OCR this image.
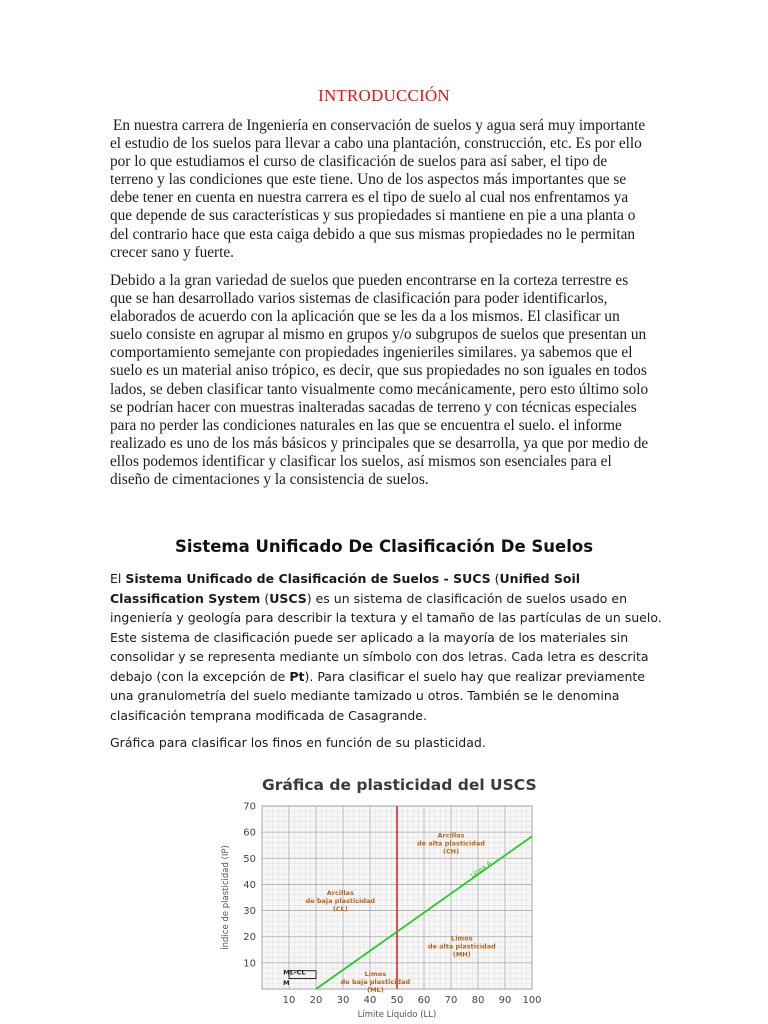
INTRODUCCIÓN

En nuestra carrera de Ingeniería en conservación de suelos y agua será muy importante
el estudio de los suelos para llevar a cabo una plantación, construcción, etc. Es por ello
por lo que estudiamos el curso de clasificación de suelos para así saber, el tipo de
terreno y las condiciones que este tiene. Uno de los aspectos más importantes que se
debe tener en cuenta en nuestra carrera es el tipo de suelo al cual nos enfrentamos ya
que depende de sus características y sus propiedades si mantiene en pie a una planta o
del contrario hace que esta caiga debido a que sus mismas propiedades no le permitan
crecer sano y fuerte.

Debido a la gran variedad de suelos que pueden encontrarse en la corteza terrestre es
que se han desarrollado varios sistemas de clasificación para poder identificarlos,
elaborados de acuerdo con la aplicación que se les da a los mismos. El clasificar un
suelo consiste en agrupar al mismo en grupos y/o subgrupos de suelos que presentan un
comportamiento semejante con propiedades ingenieriles similares. ya sabemos que el
suelo es un material aniso trópico, es decir, que sus propiedades no son iguales en todos
lados, se deben clasificar tanto visualmente como mecánicamente, pero esto último solo
se podrían hacer con muestras inalteradas sacadas de terreno y con técnicas especiales
para no perder las condiciones naturales en las que se encuentra el suelo. el informe
realizado es uno de los más básicos y principales que se desarrolla, ya que por medio de
ellos podemos identificar y clasificar los suelos, así mismos son esenciales para el
diseño de cimentaciones y la consistencia de suelos.

Sistema Unificado De Clasificación De Suelos

El Sistema Unificado de Clasificación de Suelos - SUCS (Unified Soil Classification System (USCS) es un sistema de clasificación de suelos usado en ingeniería y geología para describir la textura y el tamaño de las partículas de un suelo. Este sistema de clasificación puede ser aplicado a la mayoría de los materiales sin consolidar y se representa mediante un símbolo con dos letras. Cada letra es descrita debajo (con la excepción de Pt). Para clasificar el suelo hay que realizar previamente una granulometría del suelo mediante tamizado u otros. También se le denomina clasificación temprana modificada de Casagrande.

Gráfica para clasificar los finos en función de su plasticidad.

Gráfica de plasticidad del USCS
10 20 30 40 50 60 70 80 90 100
10
20
30
40
50
60
70
Límite Líquido (LL)
Índice de plasticidad (IP)	Línea A
Arcillas
de alta plasticidad
(CH)
Arcillas
de baja plasticidad
(CL)
Limos
de alta plasticidad
(MH)
Limos
de baja plasticidad
(ML)
ML-CL
M
